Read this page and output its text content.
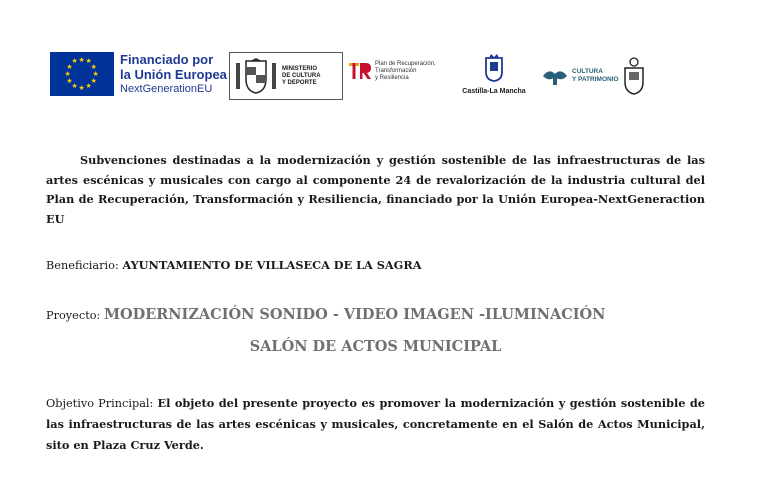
★ ★
★
★
★
★
★
★
★
★
★
★	Financiado por
la Unión Europea
NextGenerationEU
MINISTERIO
DE CULTURA
Y DEPORTE
Plan de Recuperación,
Transformación
y Resiliencia
Castilla-La Mancha
CULTURA
Y PATRIMONIO
Subvenciones destinadas a la modernización y gestión sostenible de las infraestructuras de las artes escénicas y musicales con cargo al componente 24 de revalorización de la industria cultural del Plan de Recuperación, Transformación y Resiliencia, financiado por la Unión Europea-NextGeneraction EU
Beneficiario: AYUNTAMIENTO DE VILLASECA DE LA SAGRA
Proyecto: MODERNIZACIÓN SONIDO - VIDEO IMAGEN -ILUMINACIÓN
SALÓN DE ACTOS MUNICIPAL
Objetivo Principal: El objeto del presente proyecto es promover la modernización y gestión sostenible de las infraestructuras de las artes escénicas y musicales, concretamente en el Salón de Actos Municipal, sito en Plaza Cruz Verde.
